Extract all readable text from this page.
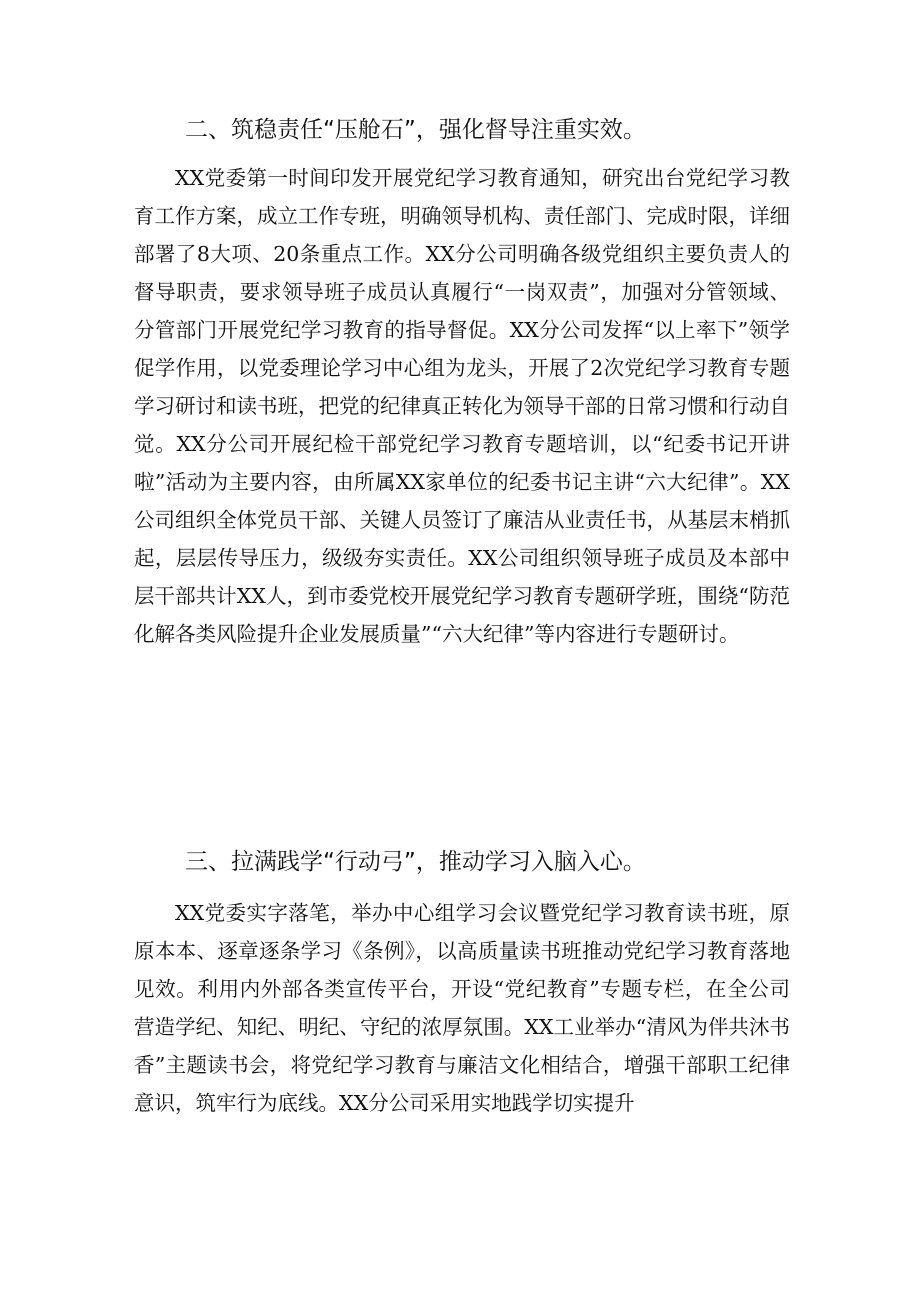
二、筑稳责任“压舱石”，强化督导注重实效。

XX党委第一时间印发开展党纪学习教育通知，研究出台党纪学习教育工作方案，成立工作专班，明确领导机构、责任部门、完成时限，详细部署了8大项、20条重点工作。XX分公司明确各级党组织主要负责人的督导职责，要求领导班子成员认真履行“一岗双责”，加强对分管领域、分管部门开展党纪学习教育的指导督促。XX分公司发挥“以上率下”领学促学作用，以党委理论学习中心组为龙头，开展了2次党纪学习教育专题学习研讨和读书班，把党的纪律真正转化为领导干部的日常习惯和行动自觉。XX分公司开展纪检干部党纪学习教育专题培训，以“纪委书记开讲啦”活动为主要内容，由所属XX家单位的纪委书记主讲“六大纪律”。XX公司组织全体党员干部、关键人员签订了廉洁从业责任书，从基层末梢抓起，层层传导压力，级级夯实责任。XX公司组织领导班子成员及本部中层干部共计XX人，到市委党校开展党纪学习教育专题研学班，围绕“防范化解各类风险提升企业发展质量”“六大纪律”等内容进行专题研讨。

三、拉满践学“行动弓”，推动学习入脑入心。

XX党委实字落笔，举办中心组学习会议暨党纪学习教育读书班，原原本本、逐章逐条学习《条例》，以高质量读书班推动党纪学习教育落地见效。利用内外部各类宣传平台，开设“党纪教育”专题专栏，在全公司营造学纪、知纪、明纪、守纪的浓厚氛围。XX工业举办“清风为伴共沐书香”主题读书会，将党纪学习教育与廉洁文化相结合，增强干部职工纪律意识，筑牢行为底线。XX分公司采用实地践学切实提升
